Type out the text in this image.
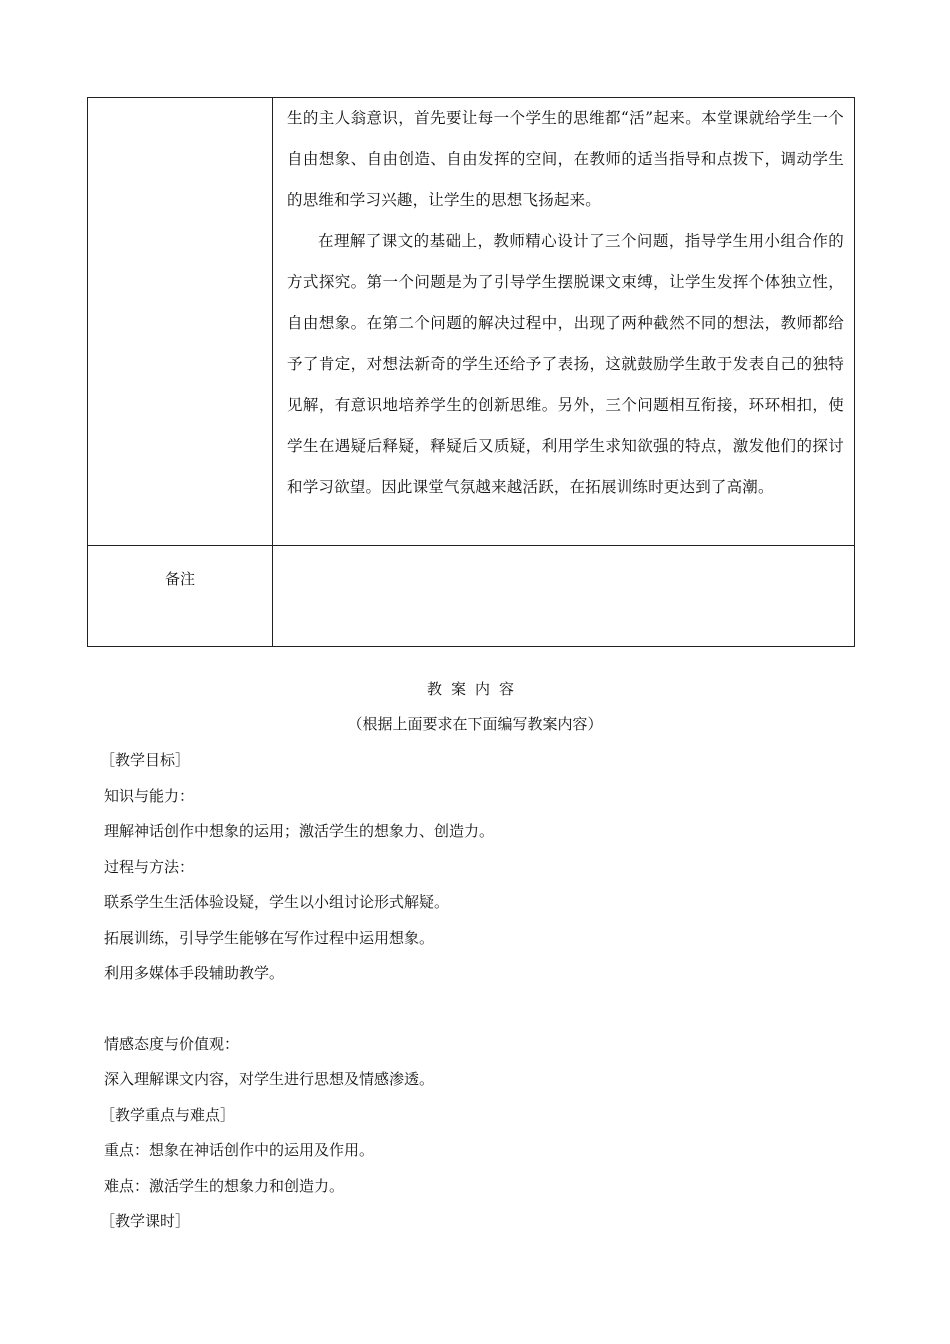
	生的主人翁意识，首先要让每一个学生的思维都“活”起来。本堂课就给学生一个自由想象、自由创造、自由发挥的空间，在教师的适当指导和点拨下，调动学生的思维和学习兴趣，让学生的思想飞扬起来。

在理解了课文的基础上，教师精心设计了三个问题，指导学生用小组合作的方式探究。第一个问题是为了引导学生摆脱课文束缚，让学生发挥个体独立性，自由想象。在第二个问题的解决过程中，出现了两种截然不同的想法，教师都给予了肯定，对想法新奇的学生还给予了表扬，这就鼓励学生敢于发表自己的独特见解，有意识地培养学生的创新思维。另外，三个问题相互衔接，环环相扣，使学生在遇疑后释疑，释疑后又质疑，利用学生求知欲强的特点，激发他们的探讨和学习欲望。因此课堂气氛越来越活跃，在拓展训练时更达到了高潮。

备注	
教案内容
（根据上面要求在下面编写教案内容）
［教学目标］
知识与能力：
理解神话创作中想象的运用；激活学生的想象力、创造力。
过程与方法：
联系学生生活体验设疑，学生以小组讨论形式解疑。
拓展训练，引导学生能够在写作过程中运用想象。
利用多媒体手段辅助教学。
情感态度与价值观：
深入理解课文内容，对学生进行思想及情感渗透。
［教学重点与难点］
重点：想象在神话创作中的运用及作用。
难点：激活学生的想象力和创造力。
［教学课时］
